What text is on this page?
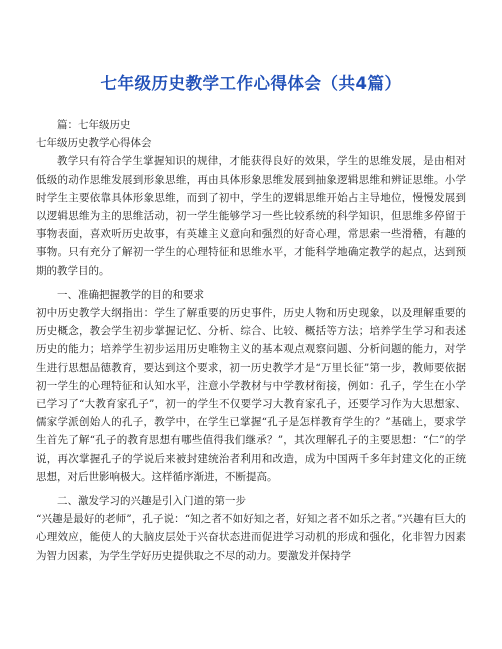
七年级历史教学工作心得体会（共4篇）

篇：七年级历史

七年级历史教学心得体会

教学只有符合学生掌握知识的规律，才能获得良好的效果，学生的思维发展，是由相对低级的动作思维发展到形象思维，再由具体形象思维发展到抽象逻辑思维和辨证思维。小学时学生主要依靠具体形象思维，而到了初中，学生的逻辑思维开始占主导地位，慢慢发展到以逻辑思维为主的思维活动，初一学生能够学习一些比较系统的科学知识，但思维多停留于事物表面，喜欢听历史故事，有英雄主义意向和强烈的好奇心理，常思索一些滑稽，有趣的事物。只有充分了解初一学生的心理特征和思维水平，才能科学地确定教学的起点，达到预期的教学目的。

一、准确把握教学的目的和要求

初中历史教学大纲指出：学生了解重要的历史事件，历史人物和历史现象，以及理解重要的历史概念，教会学生初步掌握记忆、分析、综合、比较、概括等方法；培养学生学习和表述历史的能力；培养学生初步运用历史唯物主义的基本观点观察问题、分析问题的能力，对学生进行思想品德教育，要达到这个要求，初一历史教学才是“万里长征”第一步，教师要依据初一学生的心理特征和认知水平，注意小学教材与中学教材衔接，例如：孔子，学生在小学已学习了“大教育家孔子”，初一的学生不仅要学习大教育家孔子，还要学习作为大思想家、儒家学派创始人的孔子，教学中，在学生已掌握“孔子是怎样教育学生的？”基础上，要求学生首先了解“孔子的教育思想有哪些值得我们继承？”，其次理解孔子的主要思想：“仁”的学说，再次掌握孔子的学说后来被封建统治者利用和改造，成为中国两千多年封建文化的正统思想，对后世影响极大。这样循序渐进，不断提高。

二、激发学习的兴趣是引入门道的第一步

“兴趣是最好的老师”，孔子说：“知之者不如好知之者，好知之者不如乐之者。”兴趣有巨大的心理效应，能使人的大脑皮层处于兴奋状态进而促进学习动机的形成和强化，化非智力因素为智力因素，为学生学好历史提供取之不尽的动力。要激发并保持学
